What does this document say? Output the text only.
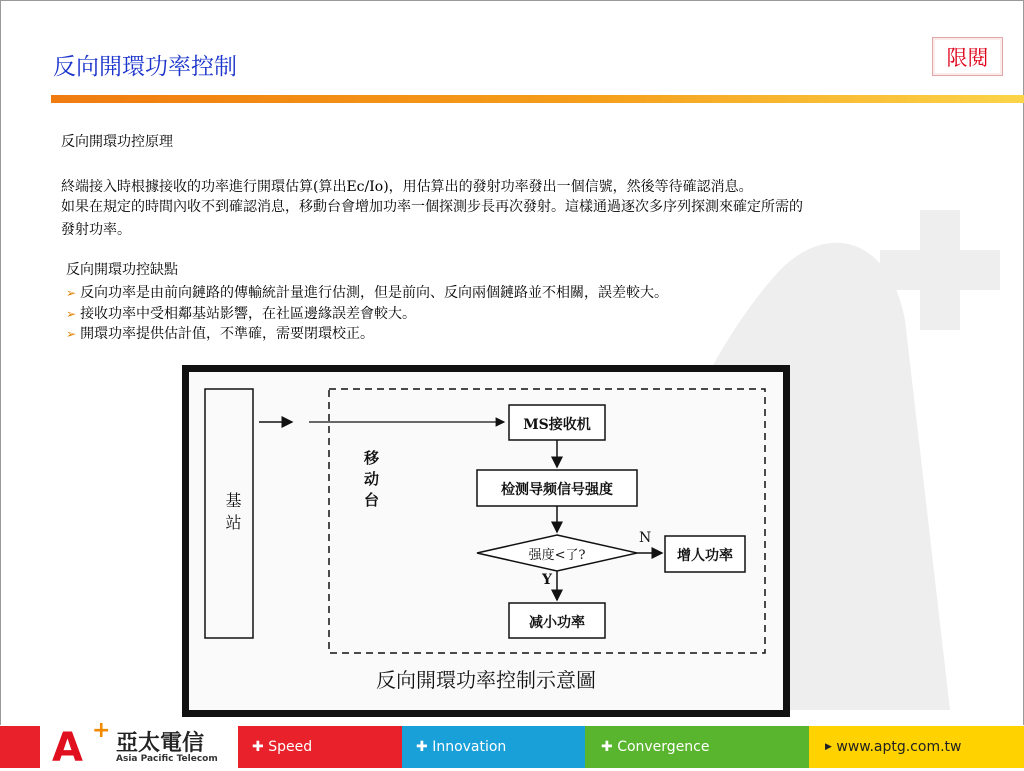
反向開環功率控制	限閱
反向開環功控原理
終端接入時根據接收的功率進行開環估算(算出Ec/Io)，用估算出的發射功率發出一個信號，然後等待確認消息。
如果在規定的時間內收不到確認消息，移動台會增加功率一個探測步長再次發射。這樣通過逐次多序列探測來確定所需的
發射功率。
反向開環功控缺點
➢ 反向功率是由前向鏈路的傳輸統計量進行估測，但是前向、反向兩個鏈路並不相關，誤差較大。
➢ 接收功率中受相鄰基站影響，在社區邊緣誤差會較大。
➢ 開環功率提供估計值，不準確，需要閉環校正。
基站
移动台
MS接收机
检测导频信号强度
强度<了?
N
Y
增人功率
减小功率
反向開環功率控制示意圖
A +
亞太電信
Asia Pacific Telecom
✚
Speed	✚
Innovation	✚
Convergence	▶
www.aptg.com.tw
